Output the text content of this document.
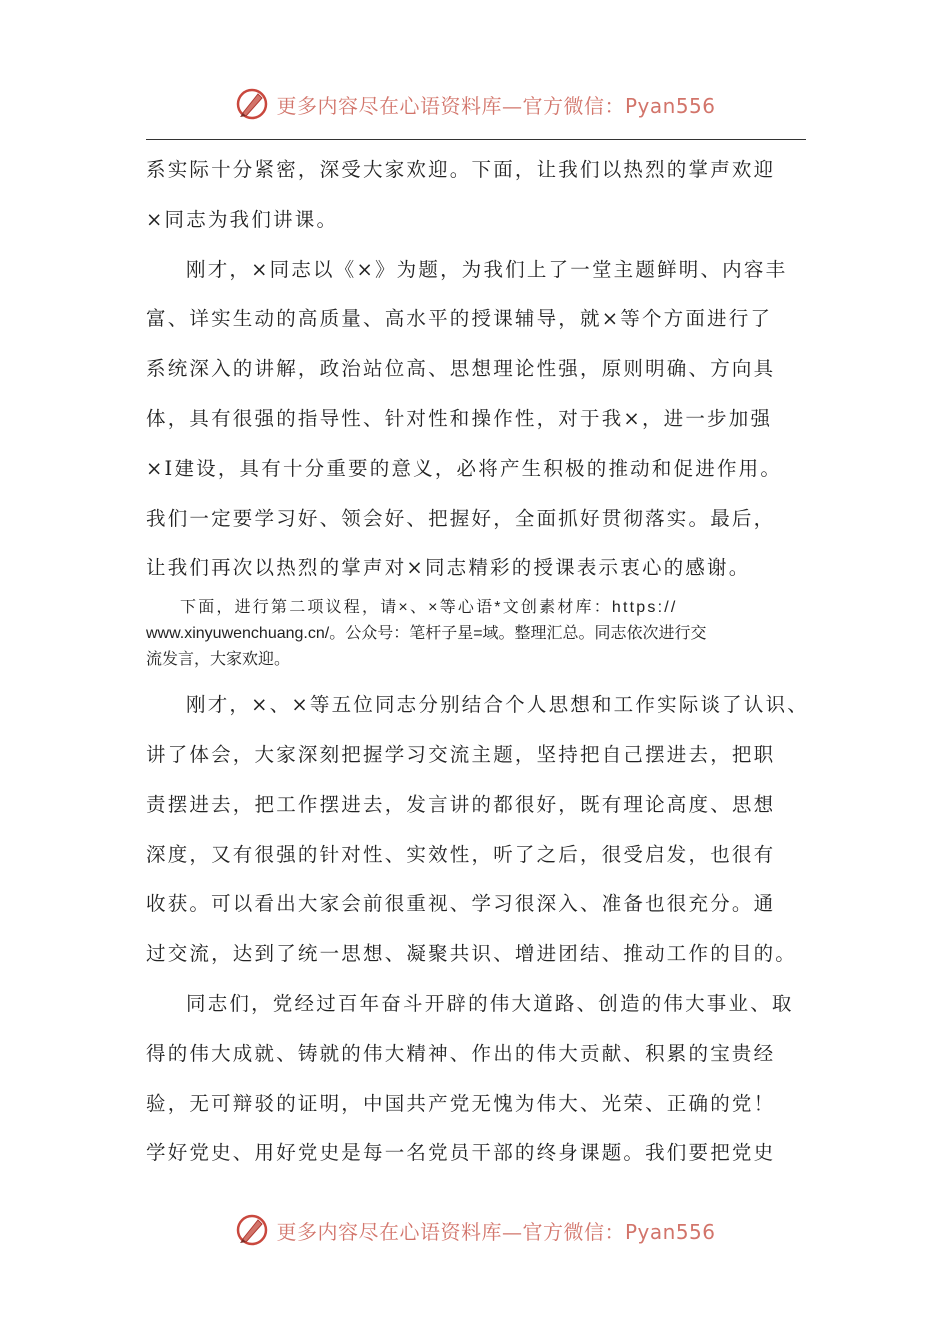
更多内容尽在心语资料库—官方微信：Pyan556

系实际十分紧密，深受大家欢迎。下面，让我们以热烈的掌声欢迎

×同志为我们讲课。

刚才，×同志以《×》为题，为我们上了一堂主题鲜明、内容丰

富、详实生动的高质量、高水平的授课辅导，就×等个方面进行了

系统深入的讲解，政治站位高、思想理论性强，原则明确、方向具

体，具有很强的指导性、针对性和操作性，对于我×，进一步加强

×I建设，具有十分重要的意义，必将产生积极的推动和促进作用。

我们一定要学习好、领会好、把握好，全面抓好贯彻落实。最后，

让我们再次以热烈的掌声对×同志精彩的授课表示衷心的感谢。

下面，进行第二项议程，请×、×等心语*文创素材库：https://
www.xinyuwenchuang.cn/。公众号：笔杆子星=域。整理汇总。同志依次进行交
流发言，大家欢迎。

刚才，×、×等五位同志分别结合个人思想和工作实际谈了认识、

讲了体会，大家深刻把握学习交流主题，坚持把自己摆进去，把职

责摆进去，把工作摆进去，发言讲的都很好，既有理论高度、思想

深度，又有很强的针对性、实效性，听了之后，很受启发，也很有

收获。可以看出大家会前很重视、学习很深入、准备也很充分。通

过交流，达到了统一思想、凝聚共识、增进团结、推动工作的目的。

同志们，党经过百年奋斗开辟的伟大道路、创造的伟大事业、取

得的伟大成就、铸就的伟大精神、作出的伟大贡献、积累的宝贵经

验，无可辩驳的证明，中国共产党无愧为伟大、光荣、正确的党！

学好党史、用好党史是每一名党员干部的终身课题。我们要把党史

更多内容尽在心语资料库—官方微信：Pyan556
